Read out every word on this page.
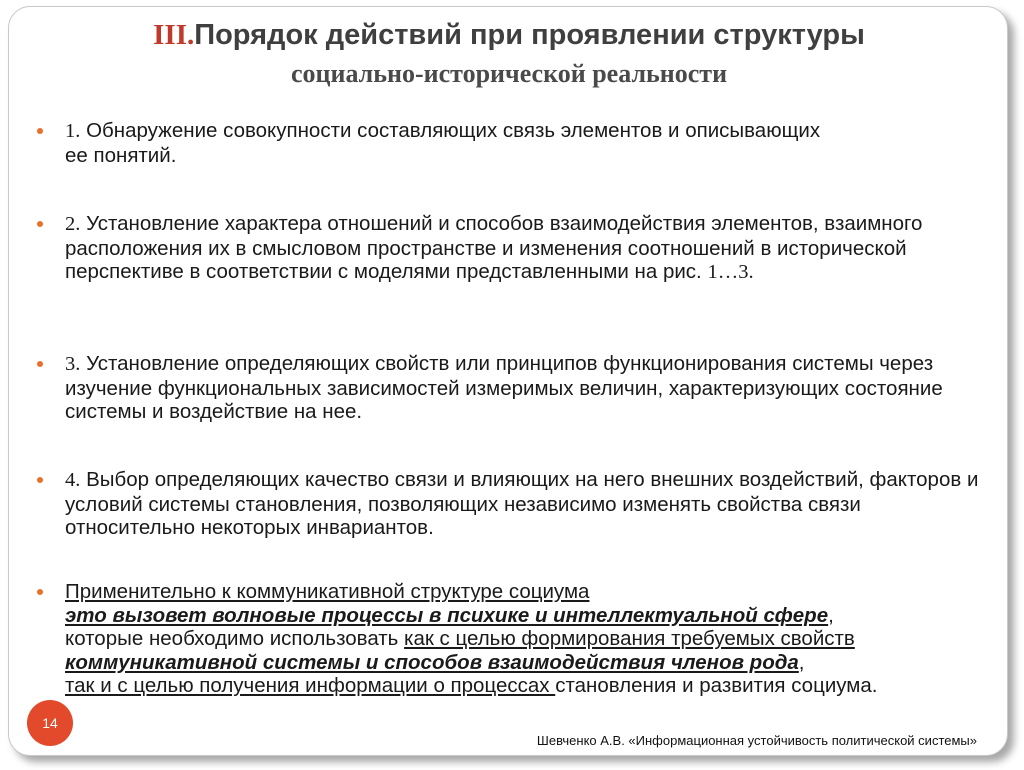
III.Порядок действий при проявлении структуры
социально-исторической реальности
1. Обнаружение совокупности составляющих связь элементов и описывающих ее понятий.
2. Установление характера отношений и способов взаимодействия элементов, взаимного расположения их в смысловом пространстве и изменения соотношений в исторической перспективе в соответствии с моделями представленными на рис. 1…3.
3. Установление определяющих свойств или принципов функционирования системы через изучение функциональных зависимостей измеримых величин, характеризующих состояние системы и воздействие на нее.
4. Выбор определяющих качество связи и влияющих на него внешних воздействий, факторов и условий системы становления, позволяющих независимо изменять свойства связи относительно некоторых инвариантов.
Применительно к коммуникативной структуре социума
это вызовет волновые процессы в психике и интеллектуальной сфере,
которые необходимо использовать как с целью формирования требуемых свойств коммуникативной системы и способов взаимодействия членов рода,
так и с целью получения информации о процессах становления и развития социума.
14
Шевченко А.В. «Информационная устойчивость политической системы»
